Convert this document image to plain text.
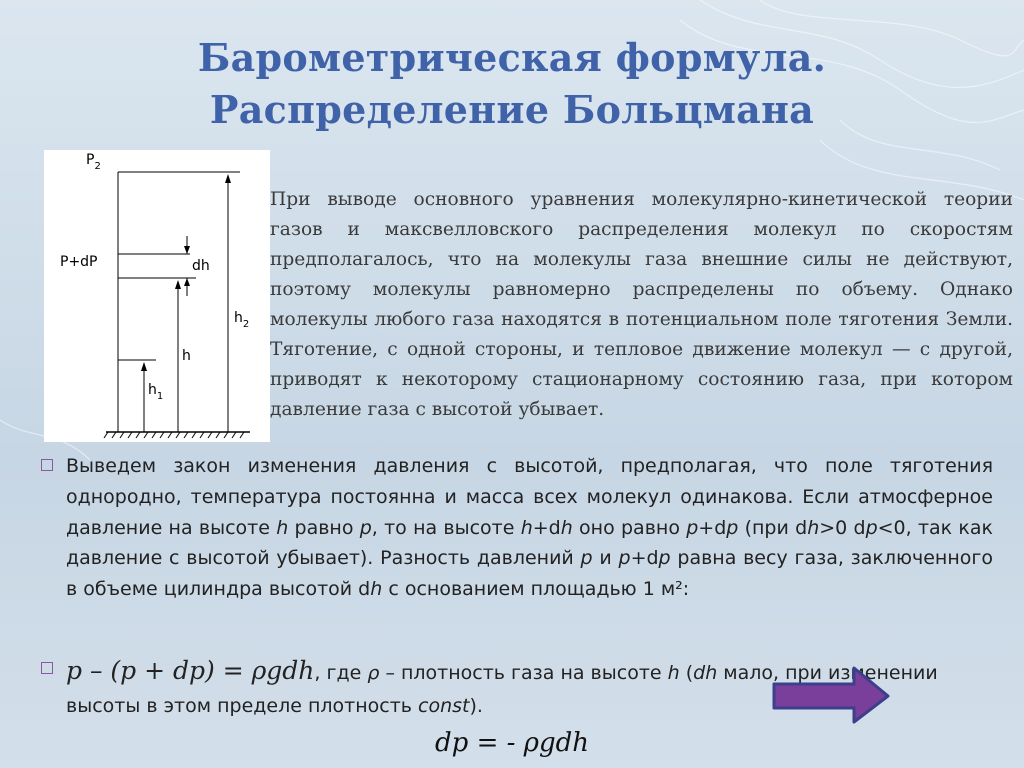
Барометрическая формула.
Распределение Больцмана
$P_2$
P+dP	dh
$h_2$
h
$h_1$
При выводе основного уравнения молекулярно-кинетической теории газов и максвелловского распределения молекул по скоростям предполагалось, что на молекулы газа внешние силы не действуют, поэтому молекулы равномерно распределены по объему. Однако молекулы любого газа находятся в потенциальном поле тяготения Земли. Тяготение, с одной стороны, и тепловое движение молекул — с другой, приводят к некоторому стационарному состоянию газа, при котором давление газа с высотой убывает.
Выведем закон изменения давления с высотой, предполагая, что поле тяготения однородно, температура постоянна и масса всех молекул одинакова. Если атмосферное давление на высоте h равно p, то на высоте h+dh оно равно p+dp (при dh>0 dp<0, так как давление с высотой убывает). Разность давлений p и p+dp равна весу газа, заключенного в объеме цилиндра высотой dh с основанием площадью 1 м²:
p – (p + dp) = ρgdh, где ρ – плотность газа на высоте h (dh мало, при изменении высоты в этом пределе плотность const).
dp = - ρgdh
